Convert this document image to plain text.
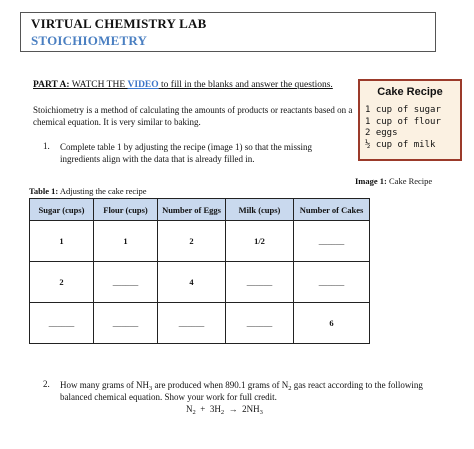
VIRTUAL CHEMISTRY LAB
STOICHIOMETRY
PART A: WATCH THE VIDEO to fill in the blanks and answer the questions.
Stoichiometry is a method of calculating the amounts of products or reactants based on a chemical equation. It is very similar to baking.
1. Complete table 1 by adjusting the recipe (image 1) so that the missing ingredients align with the data that is already filled in.
Cake Recipe
1 cup of sugar
1 cup of flour
2 eggs
½ cup of milk
Image 1: Cake Recipe
Table 1: Adjusting the cake recipe
Sugar (cups)	Flour (cups)	Number of Eggs	Milk (cups)	Number of Cakes
1	1	2	1/2	______
2	______	4	______	______
______	______	______	______	6
2. How many grams of $NH_3$ are produced when 890.1 grams of $N_2$ gas react according to the following balanced chemical equation. Show your work for full credit.
$N_2 + 3H_2 \to 2NH_3$
